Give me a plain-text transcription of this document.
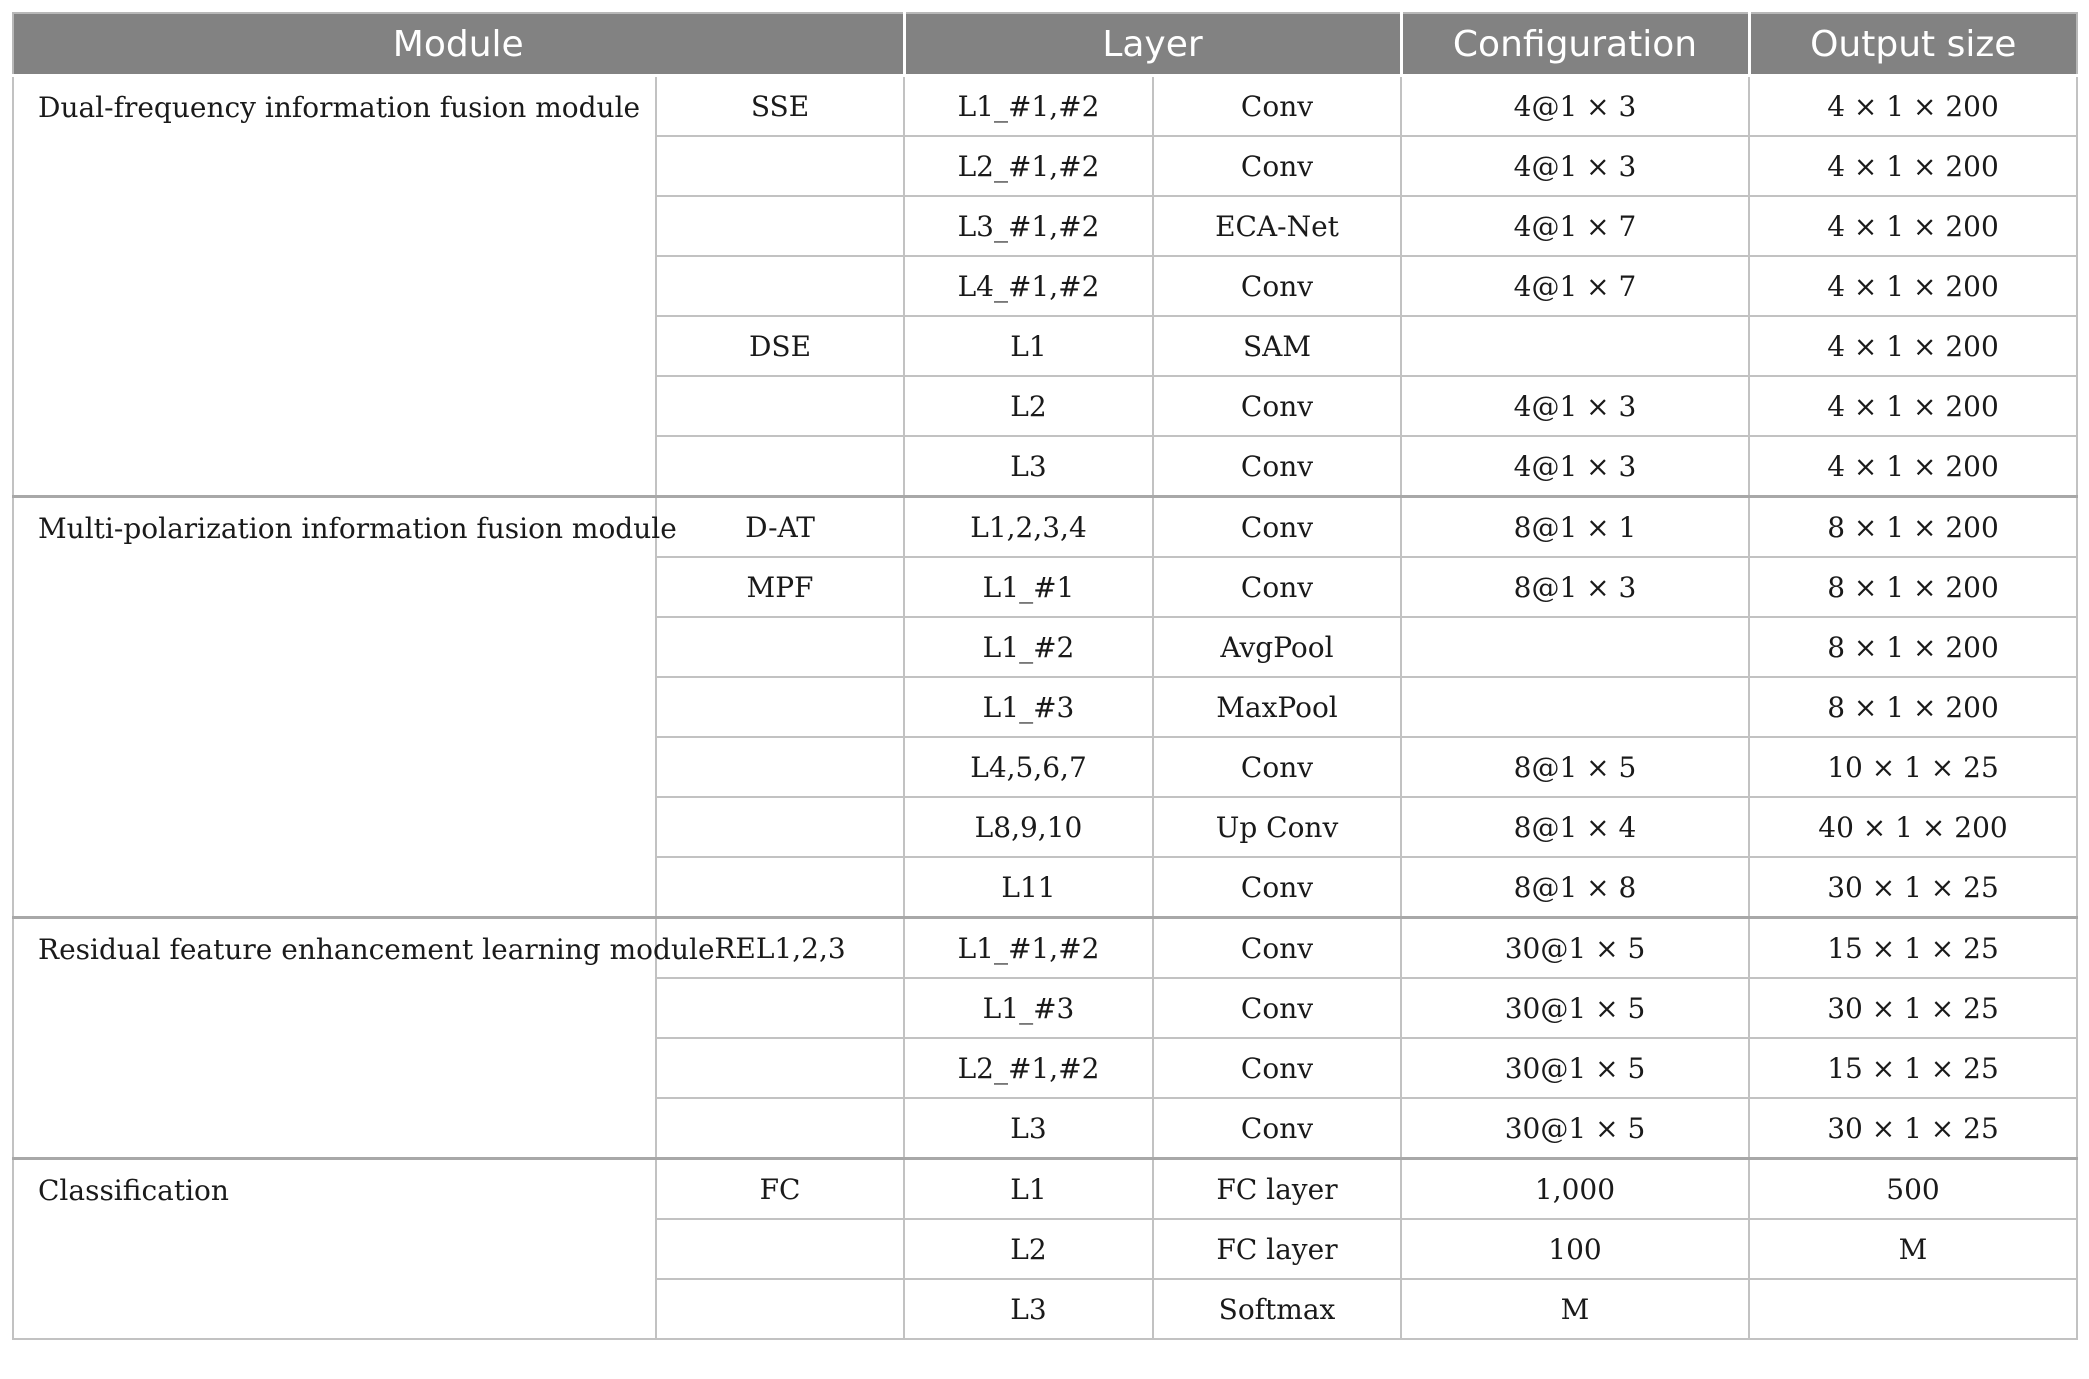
Module		Layer		Configuration	Output size
Dual-frequency information fusion module	SSE	L1_#1,#2	Conv	4@1 × 3	4 × 1 × 200
		L2_#1,#2	Conv	4@1 × 3	4 × 1 × 200
		L3_#1,#2	ECA-Net	4@1 × 7	4 × 1 × 200
		L4_#1,#2	Conv	4@1 × 7	4 × 1 × 200
	DSE	L1	SAM		4 × 1 × 200
		L2	Conv	4@1 × 3	4 × 1 × 200
		L3	Conv	4@1 × 3	4 × 1 × 200
Multi-polarization information fusion module	D-AT	L1,2,3,4	Conv	8@1 × 1	8 × 1 × 200
	MPF	L1_#1	Conv	8@1 × 3	8 × 1 × 200
		L1_#2	AvgPool		8 × 1 × 200
		L1_#3	MaxPool		8 × 1 × 200
		L4,5,6,7	Conv	8@1 × 5	10 × 1 × 25
		L8,9,10	Up Conv	8@1 × 4	40 × 1 × 200
		L11	Conv	8@1 × 8	30 × 1 × 25
Residual feature enhancement learning module	REL1,2,3	L1_#1,#2	Conv	30@1 × 5	15 × 1 × 25
		L1_#3	Conv	30@1 × 5	30 × 1 × 25
		L2_#1,#2	Conv	30@1 × 5	15 × 1 × 25
		L3	Conv	30@1 × 5	30 × 1 × 25
Classification	FC	L1	FC layer	1,000	500
		L2	FC layer	100	M
		L3	Softmax	M	
